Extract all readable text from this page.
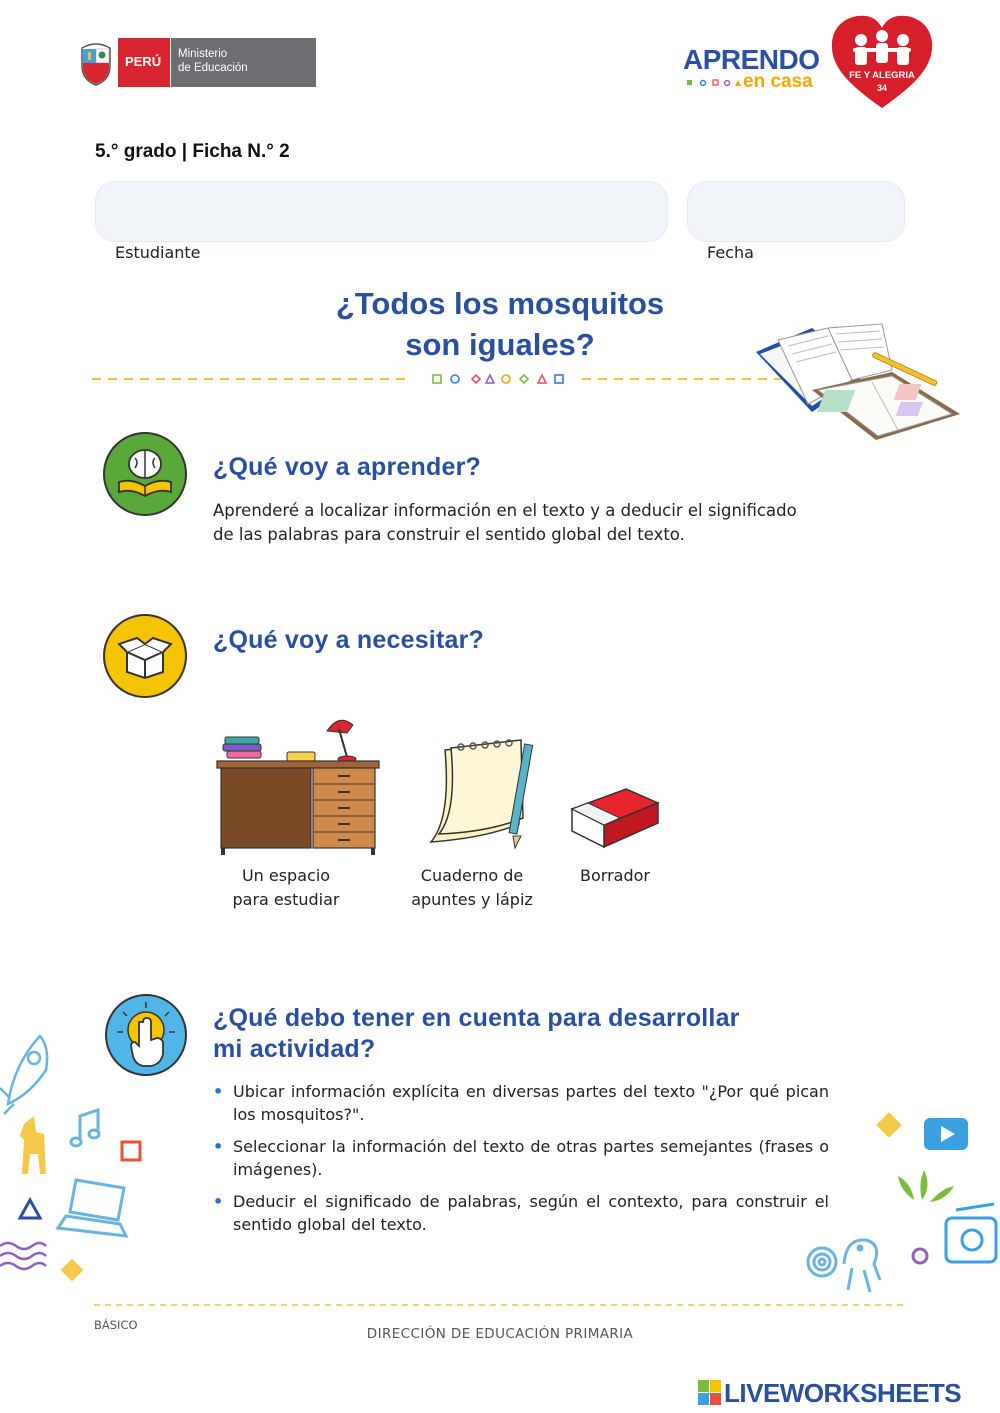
PERÚ Ministerio
de Educación	APRENDO
en casa	FE Y ALEGRIA
34
5.° grado | Ficha N.° 2
Estudiante	Fecha
¿Todos los mosquitos
son iguales?
¿Qué voy a aprender?
Aprenderé a localizar información en el texto y a deducir el significado
de las palabras para construir el sentido global del texto.
¿Qué voy a necesitar?
Un espacio
para estudiar
Cuaderno de
apuntes y lápiz
Borrador
¿Qué debo tener en cuenta para desarrollar
mi actividad?
• Ubicar información explícita en diversas partes del texto "¿Por qué pican los mosquitos?".
• Seleccionar la información del texto de otras partes semejantes (frases o imágenes).
• Deducir el significado de palabras, según el contexto, para construir el sentido global del texto.
BÁSICO
DIRECCIÓN DE EDUCACIÓN PRIMARIA
LIVEWORKSHEETS
